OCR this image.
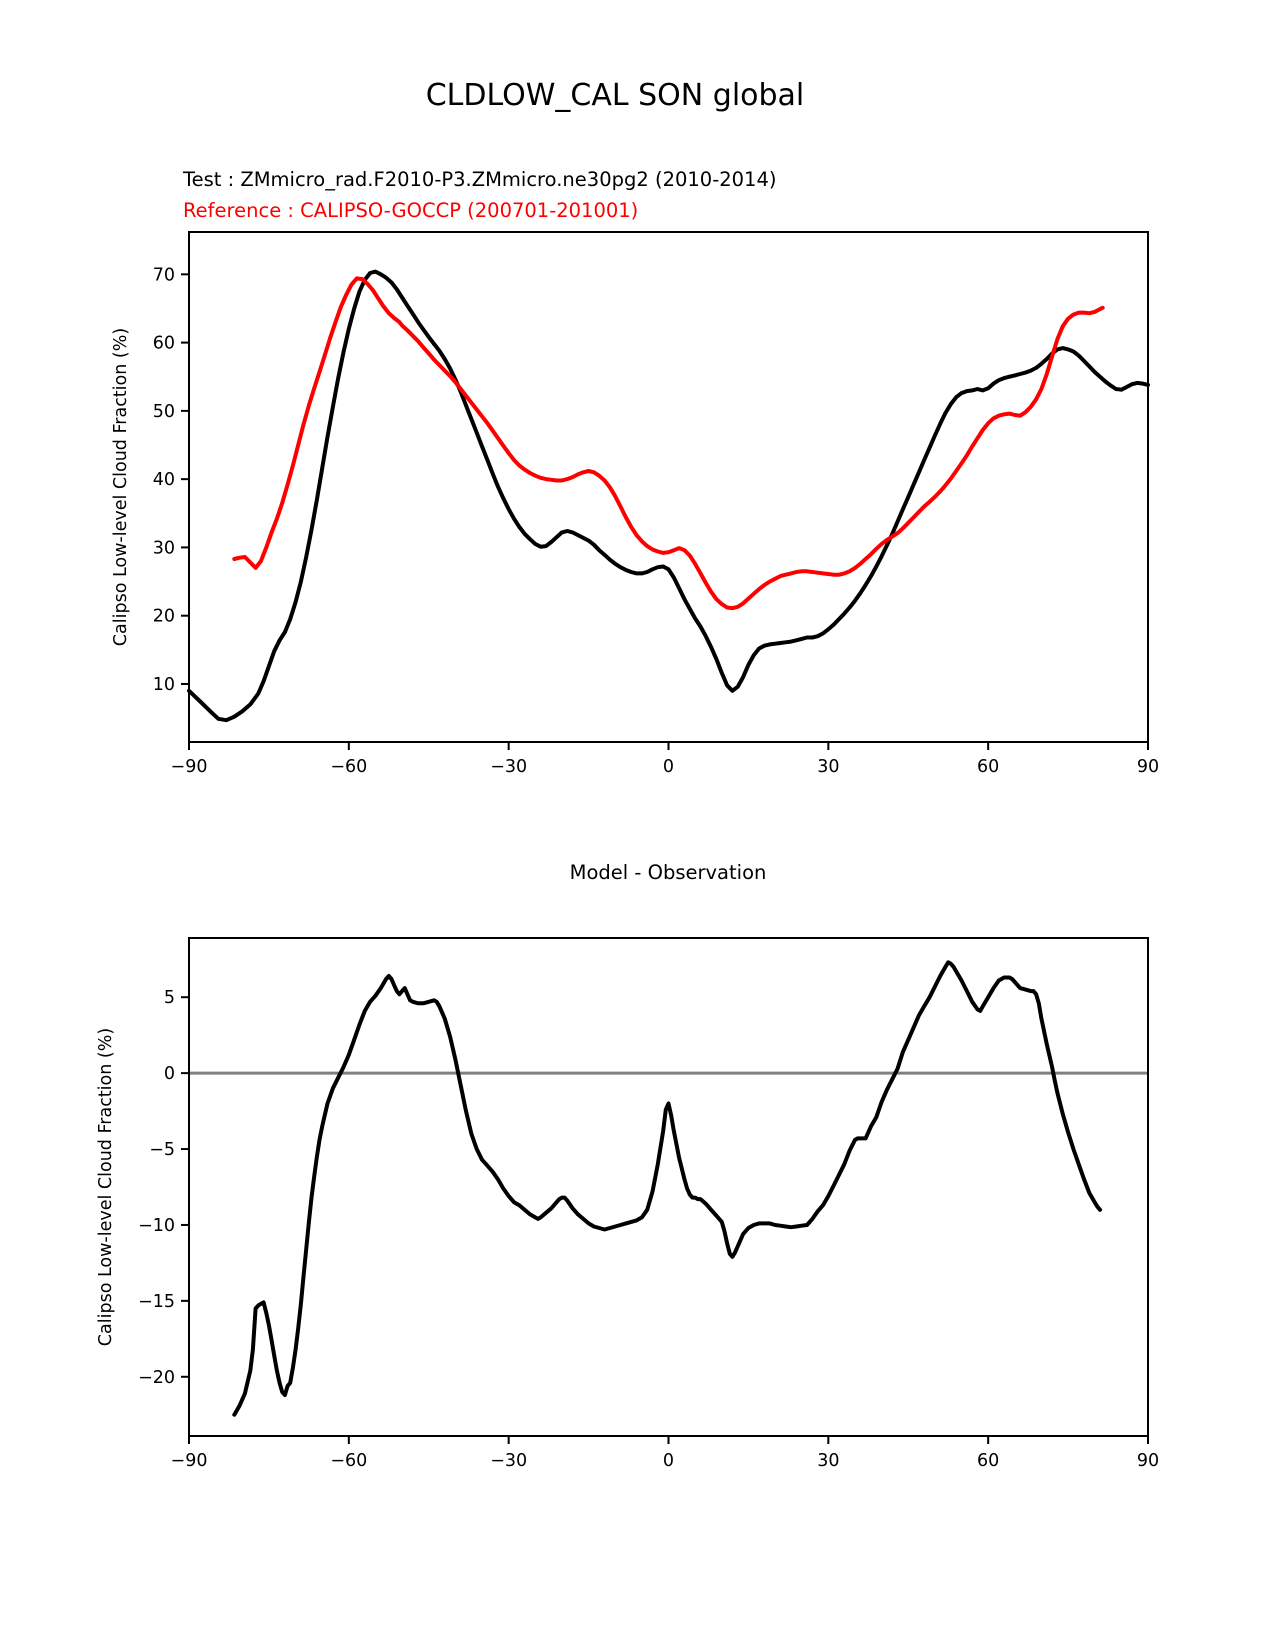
CLDLOW_CAL SON global
Test : ZMmicro_rad.F2010-P3.ZMmicro.ne30pg2 (2010-2014)
Reference : CALIPSO-GOCCP (200701-201001)
Calipso Low-level Cloud Fraction (%)
Calipso Low-level Cloud Fraction (%)
Model - Observation
−90	−60	−30	0	30	60	90
10
20
30
40
50
60
70
−90	−60	−30	0	30	60	90
5
0
−5
−10
−15
−20
